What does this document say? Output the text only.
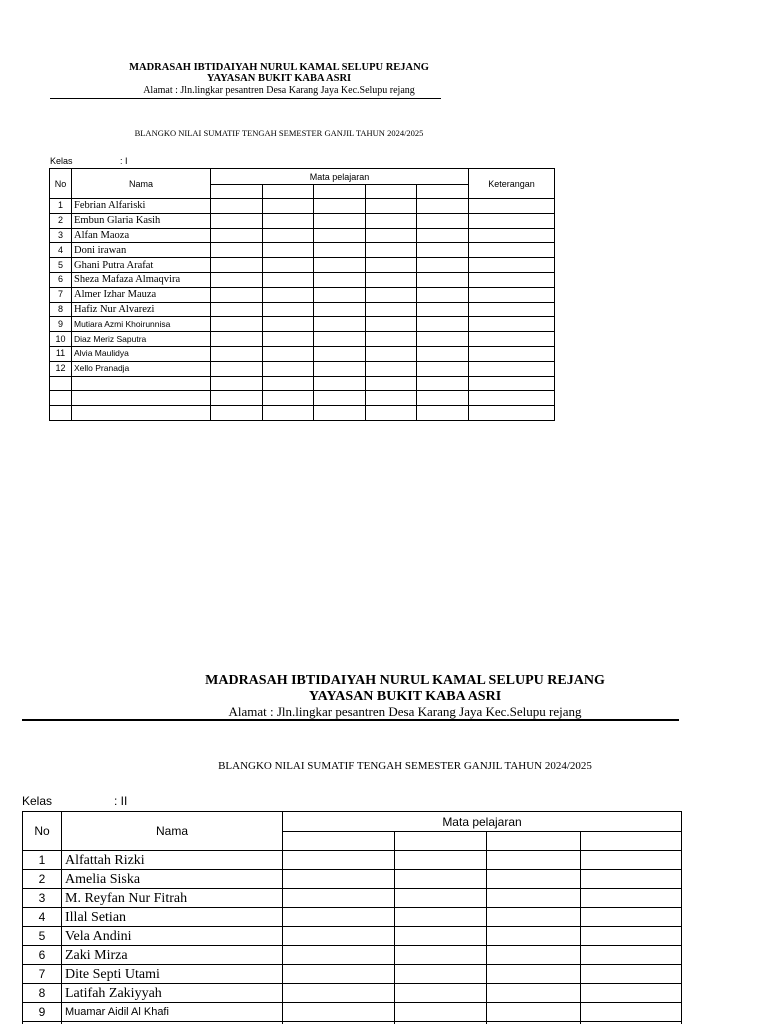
MADRASAH IBTIDAIYAH NURUL KAMAL SELUPU REJANG
YAYASAN BUKIT KABA ASRI
Alamat : Jln.lingkar pesantren Desa Karang Jaya Kec.Selupu rejang
BLANGKO NILAI SUMATIF TENGAH SEMESTER GANJIL TAHUN 2024/2025
Kelas	: I
No	Nama	Mata pelajaran					Keterangan

1	Febrian Alfariski						
2	Embun Glaria Kasih						
3	Alfan Maoza						
4	Doni irawan						
5	Ghani Putra Arafat						
6	Sheza Mafaza Almaqvira						
7	Almer Izhar Mauza						
8	Hafiz Nur Alvarezi						
9	Mutiara Azmi Khoirunnisa						
10	Diaz Meriz Saputra						
11	Alvia Maulidya						
12	Xello Pranadja						

MADRASAH IBTIDAIYAH NURUL KAMAL SELUPU REJANG
YAYASAN BUKIT KABA ASRI
Alamat : Jln.lingkar pesantren Desa Karang Jaya Kec.Selupu rejang
BLANGKO NILAI SUMATIF TENGAH SEMESTER GANJIL TAHUN 2024/2025
Kelas	: II
No	Nama	Mata pelajaran			

1	Alfattah Rizki				
2	Amelia Siska				
3	M. Reyfan Nur Fitrah				
4	Illal Setian				
5	Vela Andini				
6	Zaki Mirza				
7	Dite Septi Utami				
8	Latifah Zakiyyah				
9	Muamar Aidil Al Khafi				
